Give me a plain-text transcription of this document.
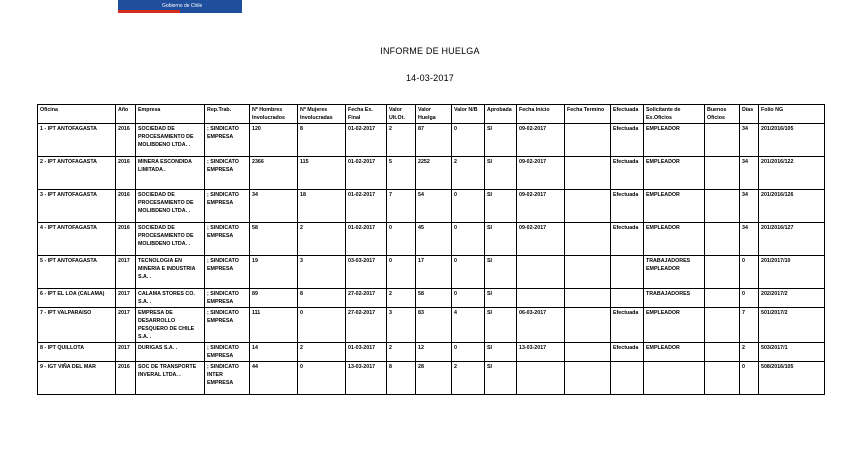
Gobierno de Chile
INFORME DE HUELGA
14-03-2017
Oficina	Año	Empresa	Rep.Trab.	Nº Hombres Involucrados	Nº Mujeres Involucradas	Fecha Ex. Final	Valor Ult.Ot.	Valor Huelga	Valor N/B	Aprobada	Fecha Inicio	Fecha Termino	Efectuada	Solicitante de Ex.Oficios	Buenos Oficios	Días	Folio NG
1 - IPT ANTOFAGASTA	2016	SOCIEDAD DE PROCESAMIENTO DE MOLIBDENO LTDA. .	; SINDICATO EMPRESA	120	8	01-02-2017	2	87	0	SI	09-02-2017		Efectuada	EMPLEADOR		34	201/2016/105
2 - IPT ANTOFAGASTA	2016	MINERA ESCONDIDA LIMITADA .	; SINDICATO EMPRESA	2366	115	01-02-2017	5	2252	2	SI	09-02-2017		Efectuada	EMPLEADOR		34	201/2016/122
3 - IPT ANTOFAGASTA	2016	SOCIEDAD DE PROCESAMIENTO DE MOLIBDENO LTDA. .	; SINDICATO EMPRESA	34	18	01-02-2017	7	54	0	SI	09-02-2017		Efectuada	EMPLEADOR		34	201/2016/126
4 - IPT ANTOFAGASTA	2016	SOCIEDAD DE PROCESAMIENTO DE MOLIBDENO LTDA. .	; SINDICATO EMPRESA	58	2	01-02-2017	0	45	0	SI	09-02-2017		Efectuada	EMPLEADOR		34	201/2016/127
5 - IPT ANTOFAGASTA	2017	TECNOLOGIA EN MINERIA E INDUSTRIA S.A. .	; SINDICATO EMPRESA	19	3	03-03-2017	0	17	0	SI				TRABAJADORES EMPLEADOR		0	201/2017/10
6 - IPT EL LOA (CALAMA)	2017	CALAMA STORES CO. S.A. .	; SINDICATO EMPRESA	89	8	27-02-2017	2	58	0	SI				TRABAJADORES		0	202/2017/2
7 - IPT VALPARAISO	2017	EMPRESA DE DESARROLLO PESQUERO DE CHILE S.A. .	; SINDICATO EMPRESA	111	0	27-02-2017	3	83	4	SI	06-03-2017		Efectuada	EMPLEADOR		7	501/2017/2
8 - IPT QUILLOTA	2017	DURIGAS S.A. .	; SINDICATO EMPRESA	14	2	01-03-2017	2	12	0	SI	13-03-2017		Efectuada	EMPLEADOR		2	503/2017/1
9 - IGT VIÑA DEL MAR	2016	SOC DE TRANSPORTE INVERAL LTDA. .	; SINDICATO INTER EMPRESA	44	0	13-03-2017	8	28	2	SI						0	508/2016/105
